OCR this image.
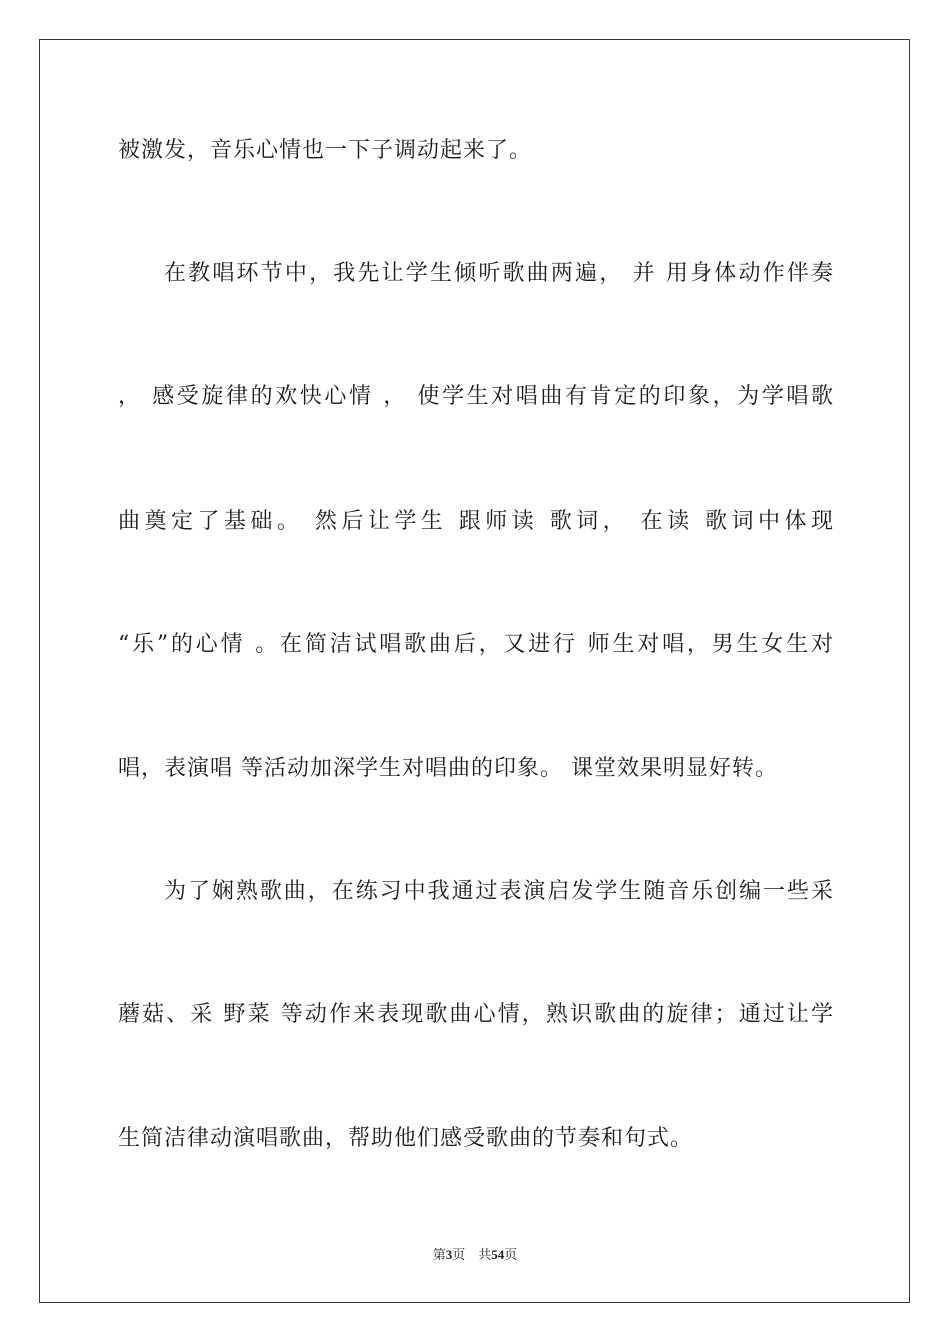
被激发，音乐心情也一下子调动起来了。
在教唱环节中，我先让学生倾听歌曲两遍， 并 用身体动作伴奏
， 感受旋律的欢快心情 ， 使学生对唱曲有肯定的印象，为学唱歌
曲奠定了基础。 然后让学生 跟师读 歌词， 在读 歌词中体现
“乐”的心情 。在简洁试唱歌曲后，又进行 师生对唱，男生女生对
唱，表演唱 等活动加深学生对唱曲的印象。 课堂效果明显好转。
为了娴熟歌曲，在练习中我通过表演启发学生随音乐创编一些采
蘑菇、采 野菜 等动作来表现歌曲心情，熟识歌曲的旋律；通过让学
生简洁律动演唱歌曲，帮助他们感受歌曲的节奏和句式。
第3页 共54页
